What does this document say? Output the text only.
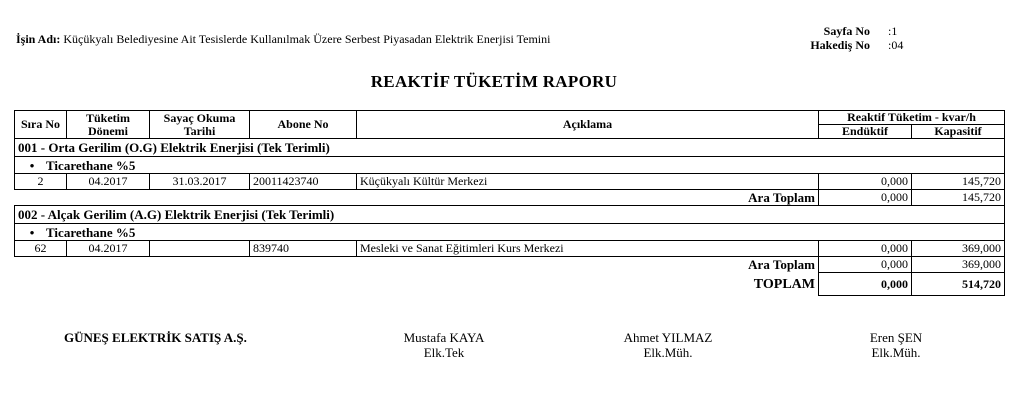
İşin Adı: Küçükyalı Belediyesine Ait Tesislerde Kullanılmak Üzere Serbest Piyasadan Elektrik Enerjisi Temini
Sayfa No	:1
Hakediş No	:04
REAKTİF TÜKETİM RAPORU
Sıra No	Tüketim Dönemi	Sayaç Okuma Tarihi	Abone No	Açıklama	Reaktif Tüketim - kvar/h	
					Endüktif	Kapasitif
001 - Orta Gerilim (O.G) Elektrik Enerjisi (Tek Terimli)						
• Ticarethane %5						
2	04.2017	31.03.2017	20011423740	Küçükyalı Kültür Merkezi	0,000	145,720
Ara Toplam					0,000	145,720
002 - Alçak Gerilim (A.G) Elektrik Enerjisi (Tek Terimli)						
• Ticarethane %5						
62	04.2017		839740	Mesleki ve Sanat Eğitimleri Kurs Merkezi	0,000	369,000
Ara Toplam					0,000	369,000
TOPLAM					0,000	514,720
GÜNEŞ ELEKTRİK SATIŞ A.Ş.	Mustafa KAYA
Elk.Tek
Ahmet YILMAZ
Elk.Müh.
Eren ŞEN
Elk.Müh.
